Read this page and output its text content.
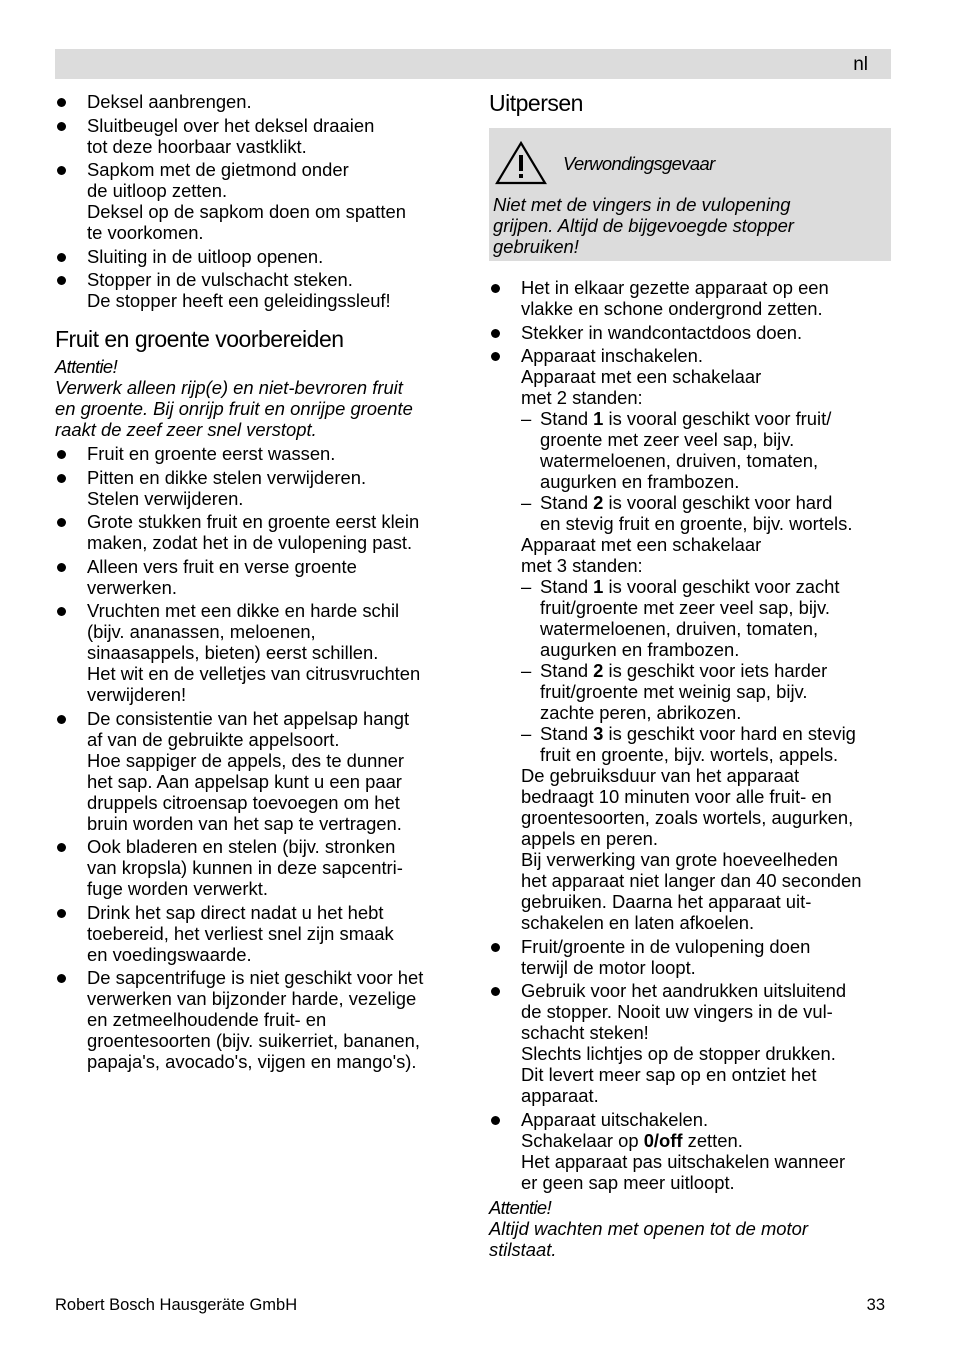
nl
Deksel aanbrengen.
Sluitbeugel over het deksel draaien
tot deze hoorbaar vastklikt.
Sapkom met de gietmond onder
de uitloop zetten.
Deksel op de sapkom doen om spatten
te voorkomen.
Sluiting in de uitloop openen.
Stopper in de vulschacht steken.
De stopper heeft een geleidingssleuf!
Fruit en groente voorbereiden
Attentie!
Verwerk alleen rijp(e) en niet-bevroren fruit
en groente. Bij onrijp fruit en onrijpe groente
raakt de zeef zeer snel verstopt.
Fruit en groente eerst wassen.
Pitten en dikke stelen verwijderen.
Stelen verwijderen.
Grote stukken fruit en groente eerst klein
maken, zodat het in de vulopening past.
Alleen vers fruit en verse groente
verwerken.
Vruchten met een dikke en harde schil
(bijv. ananassen, meloenen,
sinaasappels, bieten) eerst schillen.
Het wit en de velletjes van citrusvruchten
verwijderen!
De consistentie van het appelsap hangt
af van de gebruikte appelsoort.
Hoe sappiger de appels, des te dunner
het sap. Aan appelsap kunt u een paar
druppels citroensap toevoegen om het
bruin worden van het sap te vertragen.
Ook bladeren en stelen (bijv. stronken
van kropsla) kunnen in deze sapcentri-
fuge worden verwerkt.
Drink het sap direct nadat u het hebt
toebereid, het verliest snel zijn smaak
en voedingswaarde.
De sapcentrifuge is niet geschikt voor het
verwerken van bijzonder harde, vezelige
en zetmeelhoudende fruit- en
groentesoorten (bijv. suikerriet, bananen,
papaja's, avocado's, vijgen en mango's).
Uitpersen
Verwondingsgevaar
Niet met de vingers in de vulopening
grijpen. Altijd de bijgevoegde stopper
gebruiken!
Het in elkaar gezette apparaat op een
vlakke en schone ondergrond zetten.
Stekker in wandcontactdoos doen.
Apparaat inschakelen.
Apparaat met een schakelaar
met 2 standen:
– Stand 1 is vooral geschikt voor fruit/
groente met zeer veel sap, bijv.
watermeloenen, druiven, tomaten,
augurken en frambozen.
– Stand 2 is vooral geschikt voor hard
en stevig fruit en groente, bijv. wortels.
Apparaat met een schakelaar
met 3 standen:
– Stand 1 is vooral geschikt voor zacht
fruit/groente met zeer veel sap, bijv.
watermeloenen, druiven, tomaten,
augurken en frambozen.
– Stand 2 is geschikt voor iets harder
fruit/groente met weinig sap, bijv.
zachte peren, abrikozen.
– Stand 3 is geschikt voor hard en stevig
fruit en groente, bijv. wortels, appels.
De gebruiksduur van het apparaat
bedraagt 10 minuten voor alle fruit- en
groentesoorten, zoals wortels, augurken,
appels en peren.
Bij verwerking van grote hoeveelheden
het apparaat niet langer dan 40 seconden
gebruiken. Daarna het apparaat uit-
schakelen en laten afkoelen.
Fruit/groente in de vulopening doen
terwijl de motor loopt.
Gebruik voor het aandrukken uitsluitend
de stopper. Nooit uw vingers in de vul-
schacht steken!
Slechts lichtjes op de stopper drukken.
Dit levert meer sap op en ontziet het
apparaat.
Apparaat uitschakelen.
Schakelaar op 0/off zetten.
Het apparaat pas uitschakelen wanneer
er geen sap meer uitloopt.
Attentie!
Altijd wachten met openen tot de motor
stilstaat.
Robert Bosch Hausgeräte GmbH	33
